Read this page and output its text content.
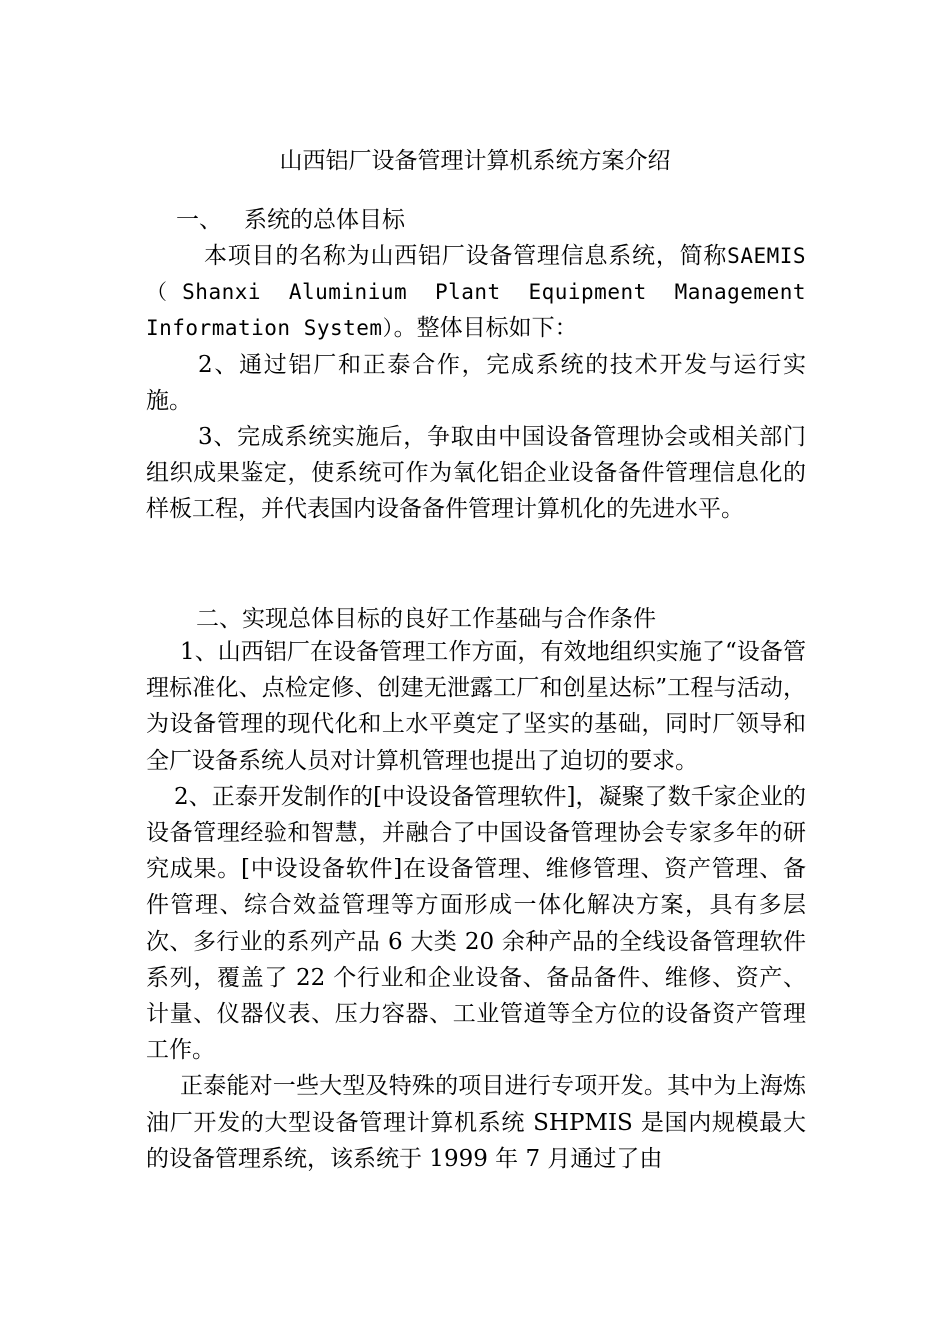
山西铝厂设备管理计算机系统方案介绍
一、 系统的总体目标

本项目的名称为山西铝厂设备管理信息系统，简称SAEMIS（Shanxi Aluminium Plant Equipment Management Information System）。整体目标如下：

2、通过铝厂和正泰合作，完成系统的技术开发与运行实施。

3、完成系统实施后，争取由中国设备管理协会或相关部门组织成果鉴定，使系统可作为氧化铝企业设备备件管理信息化的样板工程，并代表国内设备备件管理计算机化的先进水平。

二、实现总体目标的良好工作基础与合作条件

1、山西铝厂在设备管理工作方面，有效地组织实施了“设备管理标准化、点检定修、创建无泄露工厂和创星达标”工程与活动，为设备管理的现代化和上水平奠定了坚实的基础，同时厂领导和全厂设备系统人员对计算机管理也提出了迫切的要求。

2、正泰开发制作的[中设设备管理软件]，凝聚了数千家企业的设备管理经验和智慧，并融合了中国设备管理协会专家多年的研究成果。[中设设备软件]在设备管理、维修管理、资产管理、备件管理、综合效益管理等方面形成一体化解决方案，具有多层次、多行业的系列产品 6 大类 20 余种产品的全线设备管理软件系列，覆盖了 22 个行业和企业设备、备品备件、维修、资产、计量、仪器仪表、压力容器、工业管道等全方位的设备资产管理工作。

正泰能对一些大型及特殊的项目进行专项开发。其中为上海炼油厂开发的大型设备管理计算机系统 SHPMIS 是国内规模最大的设备管理系统，该系统于 1999 年 7 月通过了由
